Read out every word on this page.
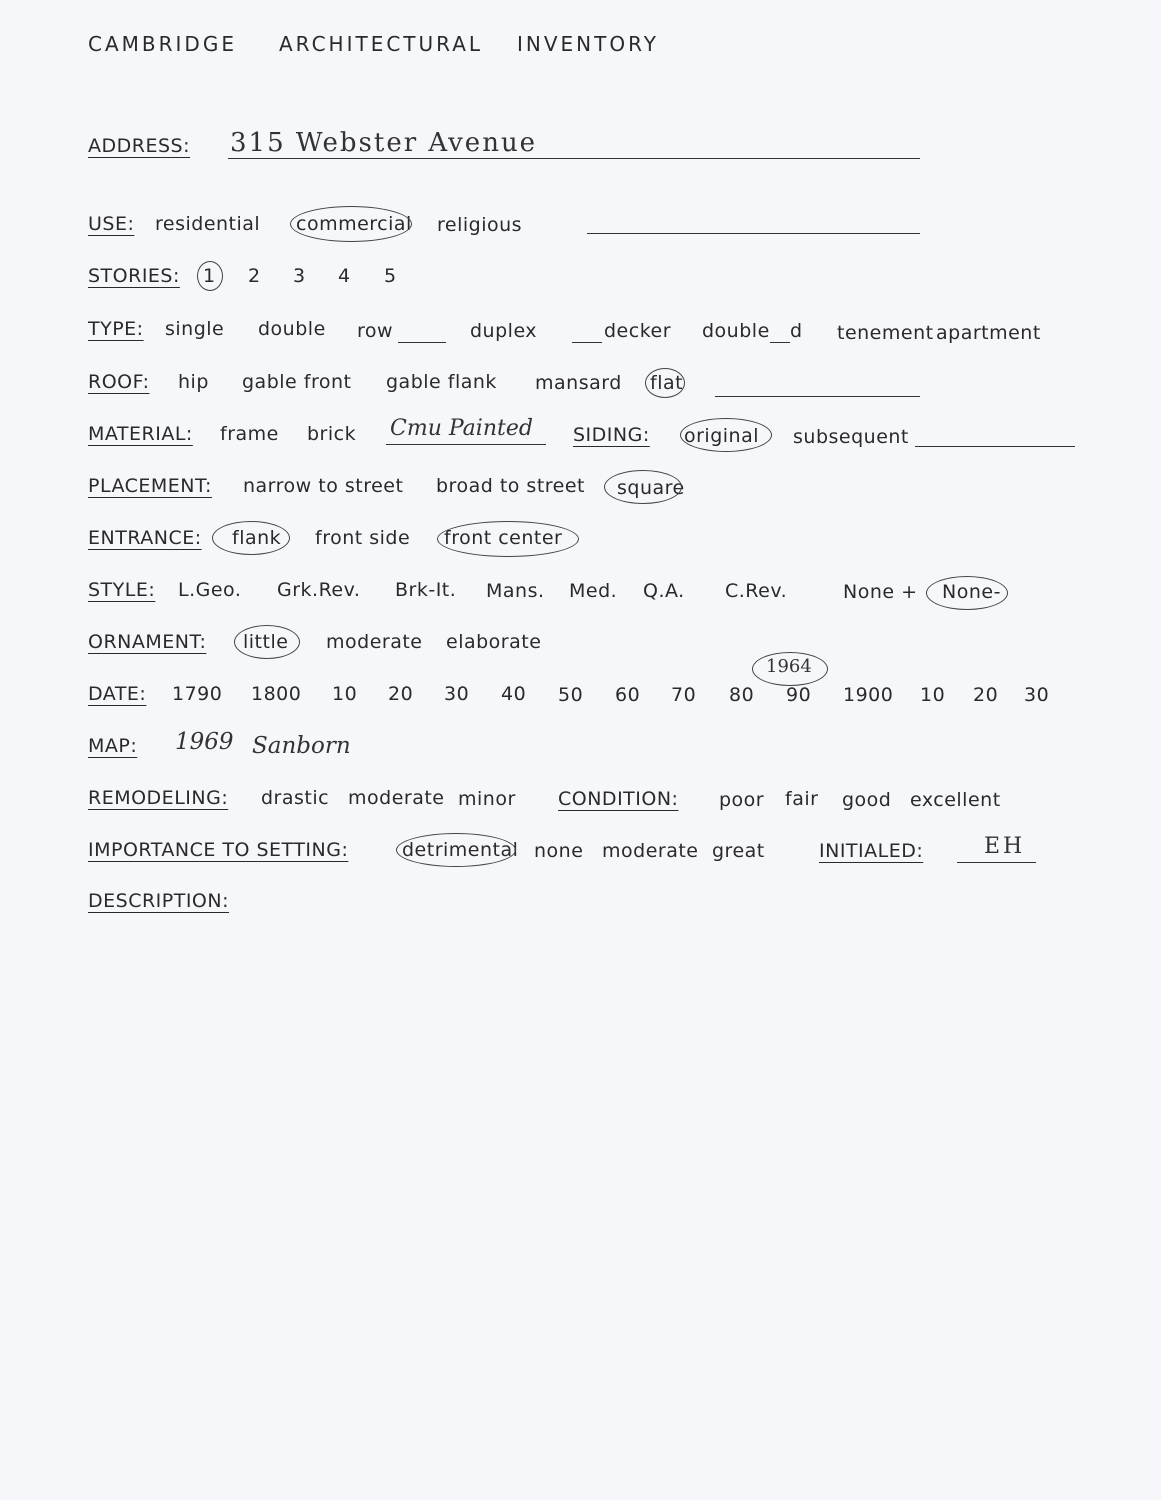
CAMBRIDGE ARCHITECTURAL INVENTORY
ADDRESS: 315 Webster Avenue
USE: residential commercial religious
STORIES: 1 2 3 4 5
TYPE: single double row	duplex	decker double d tenement apartment
ROOF: hip gable front gable flank mansard flat
MATERIAL: frame brick Cmu Painted SIDING: original subsequent
PLACEMENT: narrow to street broad to street square
ENTRANCE: flank front side front center
STYLE: L.Geo. Grk.Rev. Brk-It. Mans. Med. Q.A. C.Rev.	None + None-
ORNAMENT: little moderate elaborate
DATE: 1790 1800 10 20 30 40 50 60 70 80 90
1964
1900 10 20 30
MAP: 1969 Sanborn
REMODELING: drastic moderate minor CONDITION: poor fair good excellent
IMPORTANCE TO SETTING:	detrimental none moderate great	INITIALED:	EH
DESCRIPTION:
